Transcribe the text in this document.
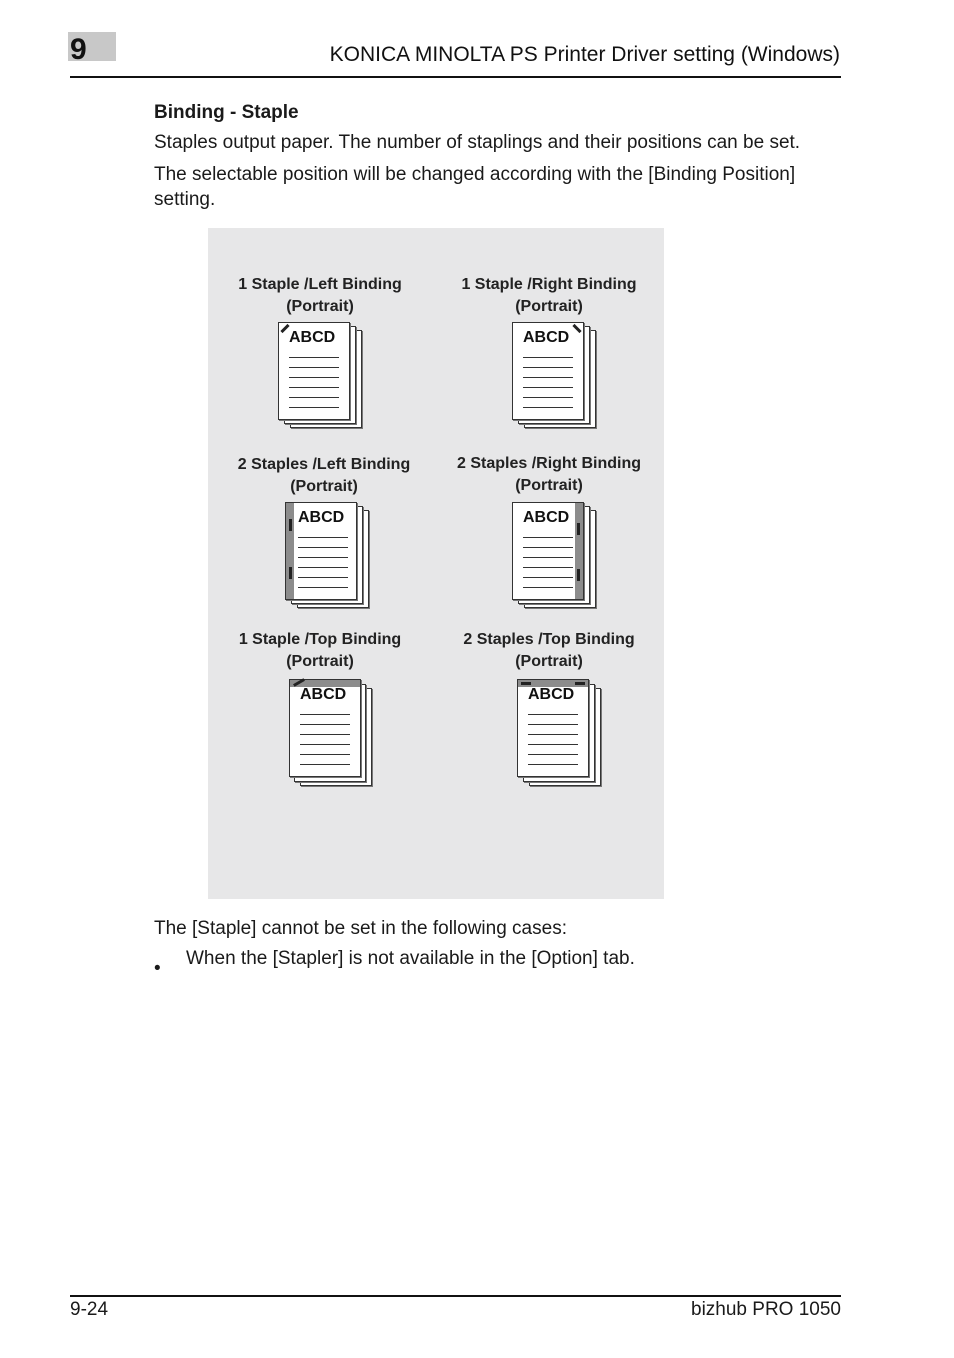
9	KONICA MINOLTA PS Printer Driver setting (Windows)
Binding - Staple
Staples output paper. The number of staplings and their positions can be set.
The selectable position will be changed according with the [Binding Position] setting.
1 Staple /Left Binding
(Portrait)
ABCD
1 Staple /Right Binding
(Portrait)
ABCD
2 Staples /Left Binding
(Portrait)
ABCD
2 Staples /Right Binding
(Portrait)
ABCD
1 Staple /Top Binding
(Portrait)
ABCD
2 Staples /Top Binding
(Portrait)
ABCD
The [Staple] cannot be set in the following cases:
• When the [Stapler] is not available in the [Option] tab.
9-24	bizhub PRO 1050
